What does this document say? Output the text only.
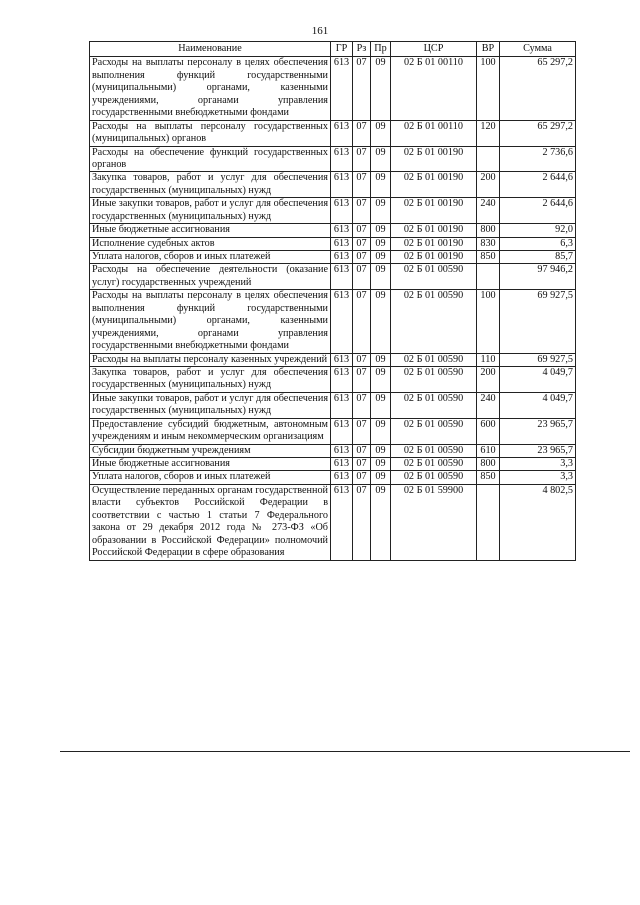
161
Наименование	ГР	Рз	Пр	ЦСР	ВР	Сумма
Расходы на выплаты персоналу в целях обеспечения выполнения функций государственными (муниципальными) органами, казенными учреждениями, органами управления государственными внебюджетными фондами	613	07	09	02 Б 01 00110	100	65 297,2
Расходы на выплаты персоналу государственных (муниципальных) органов	613	07	09	02 Б 01 00110	120	65 297,2
Расходы на обеспечение функций государственных органов	613	07	09	02 Б 01 00190		2 736,6
Закупка товаров, работ и услуг для обеспечения государственных (муниципальных) нужд	613	07	09	02 Б 01 00190	200	2 644,6
Иные закупки товаров, работ и услуг для обеспечения государственных (муниципальных) нужд	613	07	09	02 Б 01 00190	240	2 644,6
Иные бюджетные ассигнования	613	07	09	02 Б 01 00190	800	92,0
Исполнение судебных актов	613	07	09	02 Б 01 00190	830	6,3
Уплата налогов, сборов и иных платежей	613	07	09	02 Б 01 00190	850	85,7
Расходы на обеспечение деятельности (оказание услуг) государственных учреждений	613	07	09	02 Б 01 00590		97 946,2
Расходы на выплаты персоналу в целях обеспечения выполнения функций государственными (муниципальными) органами, казенными учреждениями, органами управления государственными внебюджетными фондами	613	07	09	02 Б 01 00590	100	69 927,5
Расходы на выплаты персоналу казенных учреждений	613	07	09	02 Б 01 00590	110	69 927,5
Закупка товаров, работ и услуг для обеспечения государственных (муниципальных) нужд	613	07	09	02 Б 01 00590	200	4 049,7
Иные закупки товаров, работ и услуг для обеспечения государственных (муниципальных) нужд	613	07	09	02 Б 01 00590	240	4 049,7
Предоставление субсидий бюджетным, автономным учреждениям и иным некоммерческим организациям	613	07	09	02 Б 01 00590	600	23 965,7
Субсидии бюджетным учреждениям	613	07	09	02 Б 01 00590	610	23 965,7
Иные бюджетные ассигнования	613	07	09	02 Б 01 00590	800	3,3
Уплата налогов, сборов и иных платежей	613	07	09	02 Б 01 00590	850	3,3
Осуществление переданных органам государственной власти субъектов Российской Федерации в соответствии с частью 1 статьи 7 Федерального закона от 29 декабря 2012 года № 273-ФЗ «Об образовании в Российской Федерации» полномочий Российской Федерации в сфере образования	613	07	09	02 Б 01 59900		4 802,5
